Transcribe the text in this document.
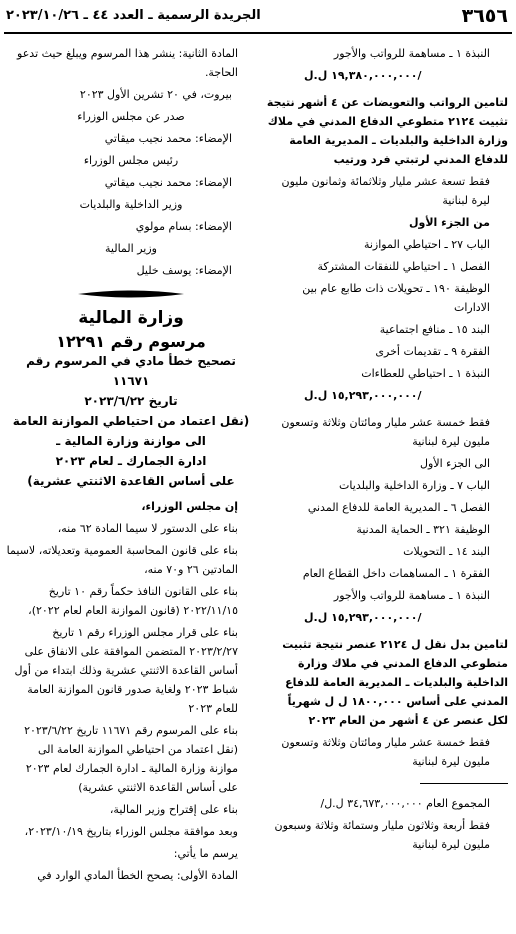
٣٦٥٦
الجريدة الرسمية ـ العدد ٤٤ ـ ٢٠٢٣/١٠/٢٦

النبذة ١ ـ مساهمة للرواتب والأجور

١٩,٣٨٠,٠٠٠,٠٠٠ ل.ل/

لتامين الرواتب والتعويضات عن ٤ أشهر نتيجة تثبيت ٢١٢٤ متطوعي الدفاع المدني في ملاك وزارة الداخلية والبلديات ـ المديرية العامة للدفاع المدني لرتبتي فرد ورتيب

فقط تسعة عشر مليار وثلاثمائة وثمانون مليون ليرة لبنانية

من الجزء الأول

الباب ٢٧ ـ احتياطي الموازنة

الفصل ١ ـ احتياطي للنفقات المشتركة

الوظيفة ١٩٠ ـ تحويلات ذات طابع عام بين الادارات

البند ١٥ ـ منافع اجتماعية

الفقرة ٩ ـ تقديمات أخرى

النبذة ١ ـ احتياطي للعطاءات

١٥,٢٩٣,٠٠٠,٠٠٠ ل.ل/

فقط خمسة عشر مليار ومائتان وثلاثة وتسعون مليون ليرة لبنانية

الى الجزء الأول

الباب ٧ ـ وزارة الداخلية والبلديات

الفصل ٦ ـ المديرية العامة للدفاع المدني

الوظيفة ٣٢١ ـ الحماية المدنية

البند ١٤ ـ التحويلات

الفقرة ١ ـ المساهمات داخل القطاع العام

النبذة ١ ـ مساهمة للرواتب والأجور

١٥,٢٩٣,٠٠٠,٠٠٠ ل.ل/

لتامين بدل نقل ل ٢١٢٤ عنصر نتيجة تثبيت متطوعي الدفاع المدني في ملاك وزارة الداخلية والبلديات ـ المديرية العامة للدفاع المدني على أساس ١٨٠٠,٠٠٠ ل ل شهرياً لكل عنصر عن ٤ أشهر من العام ٢٠٢٣

فقط خمسة عشر مليار ومائتان وثلاثة وتسعون مليون ليرة لبنانية

المجموع العام ٣٤,٦٧٣,٠٠٠,٠٠٠ ل.ل/

فقط أربعة وثلاثون مليار وستمائة وثلاثة وسبعون مليون ليرة لبنانية

المادة الثانية: ينشر هذا المرسوم ويبلغ حيث تدعو الحاجة.

بيروت، في ٢٠ تشرين الأول ٢٠٢٣

صدر عن مجلس الوزراء

الإمضاء: محمد نجيب ميقاتي

رئيس مجلس الوزراء

الإمضاء: محمد نجيب ميقاتي

وزير الداخلية والبلديات

الإمضاء: بسام مولوي

وزير المالية

الإمضاء: يوسف خليل

وزارة المالية
مرسوم رقم ١٢٢٩١

تصحيح خطأ مادي في المرسوم رقم ١١٦٧١

تاريخ ٢٠٢٣/٦/٢٢

(نقل اعتماد من احتياطي الموازنة العامة

الى موازنة وزارة المالية ـ

ادارة الجمارك ـ لعام ٢٠٢٣

على أساس القاعدة الاثنتي عشرية)

إن مجلس الوزراء،

بناء على الدستور لا سيما المادة ٦٢ منه،

بناء على قانون المحاسبة العمومية وتعديلاته، لاسيما المادتين ٢٦ و٧٠ منه،

بناء على القانون النافذ حكماً رقم ١٠ تاريخ ٢٠٢٢/١١/١٥ (قانون الموازنة العام لعام ٢٠٢٢)،

بناء على قرار مجلس الوزراء رقم ١ تاريخ ٢٠٢٣/٢/٢٧ المتضمن الموافقة على الانفاق على أساس القاعدة الاثنتي عشرية وذلك ابتداء من أول شباط ٢٠٢٣ ولغاية صدور قانون الموازنة العامة للعام ٢٠٢٣

بناء على المرسوم رقم ١١٦٧١ تاريخ ٢٠٢٣/٦/٢٢ (نقل اعتماد من احتياطي الموازنة العامة الى موازنة وزارة المالية ـ ادارة الجمارك لعام ٢٠٢٣ على أساس القاعدة الاثنتي عشرية)

بناء على إقتراح وزير المالية،

وبعد موافقة مجلس الوزراء بتاريخ ٢٠٢٣/١٠/١٩،

يرسم ما يأتي:

المادة الأولى: يصحح الخطأ المادي الوارد في
